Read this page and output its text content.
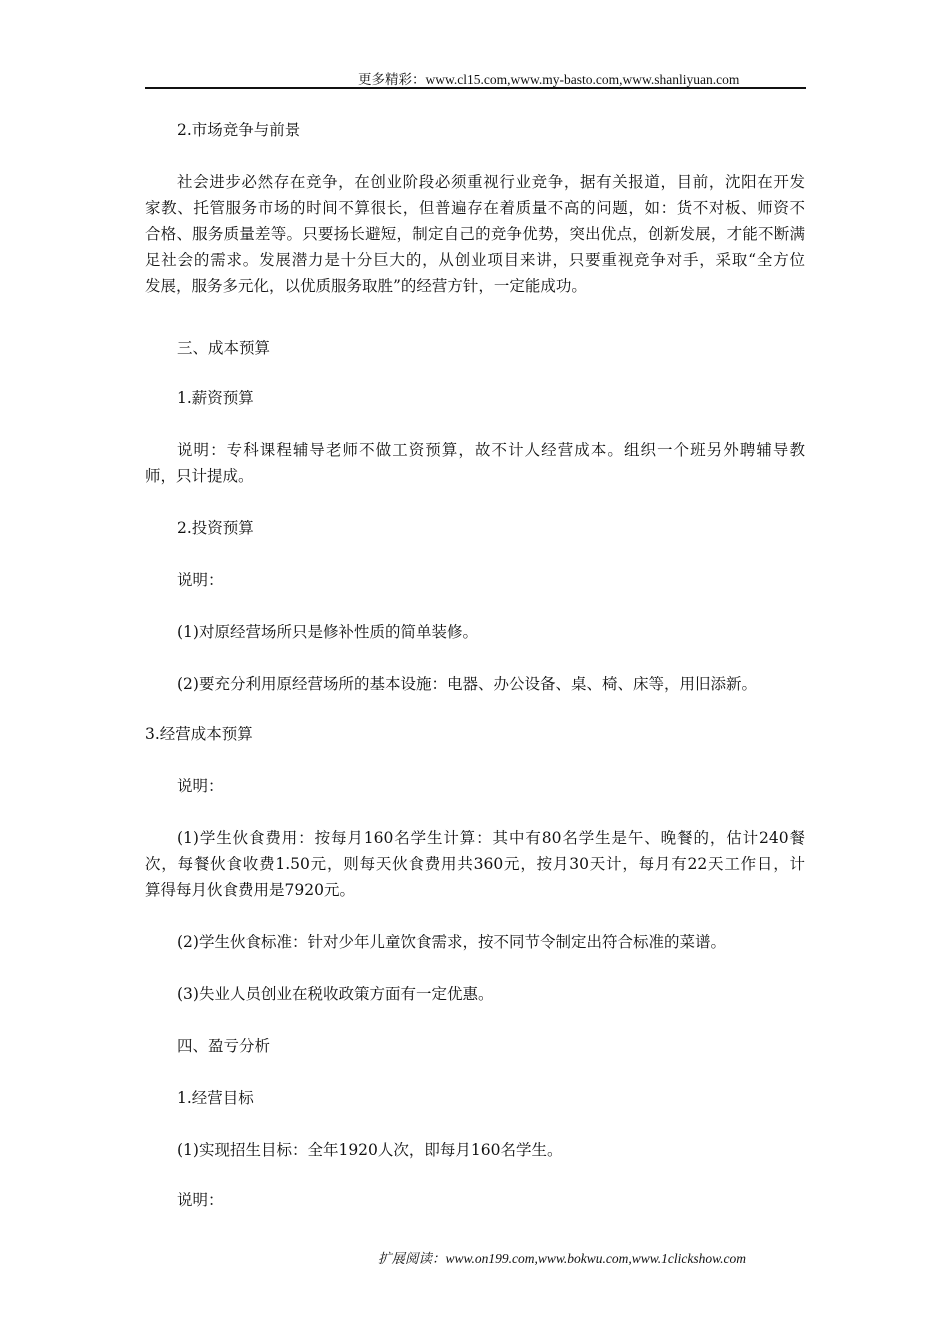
更多精彩：www.cl15.com,www.my-basto.com,www.shanliyuan.com
2.市场竞争与前景
社会进步必然存在竞争，在创业阶段必须重视行业竞争，据有关报道，目前，沈阳在开发
家教、托管服务市场的时间不算很长，但普遍存在着质量不高的问题，如：货不对板、师资不
合格、服务质量差等。只要扬长避短，制定自己的竞争优势，突出优点，创新发展，才能不断满
足社会的需求。发展潜力是十分巨大的，从创业项目来讲，只要重视竞争对手，采取“全方位
发展，服务多元化，以优质服务取胜”的经营方针，一定能成功。
三、成本预算
1.薪资预算
说明：专科课程辅导老师不做工资预算，故不计人经营成本。组织一个班另外聘辅导教
师，只计提成。
2.投资预算
说明：
(1)对原经营场所只是修补性质的简单装修。
(2)要充分利用原经营场所的基本设施：电器、办公设备、桌、椅、床等，用旧添新。
3.经营成本预算
说明：
(1)学生伙食费用：按每月160名学生计算：其中有80名学生是午、晚餐的，估计240餐
次，每餐伙食收费1.50元，则每天伙食费用共360元，按月30天计，每月有22天工作日，计
算得每月伙食费用是7920元。
(2)学生伙食标准：针对少年儿童饮食需求，按不同节令制定出符合标准的菜谱。
(3)失业人员创业在税收政策方面有一定优惠。
四、盈亏分析
1.经营目标
(1)实现招生目标：全年1920人次，即每月160名学生。
说明：
扩展阅读：www.on199.com,www.bokwu.com,www.1clickshow.com
